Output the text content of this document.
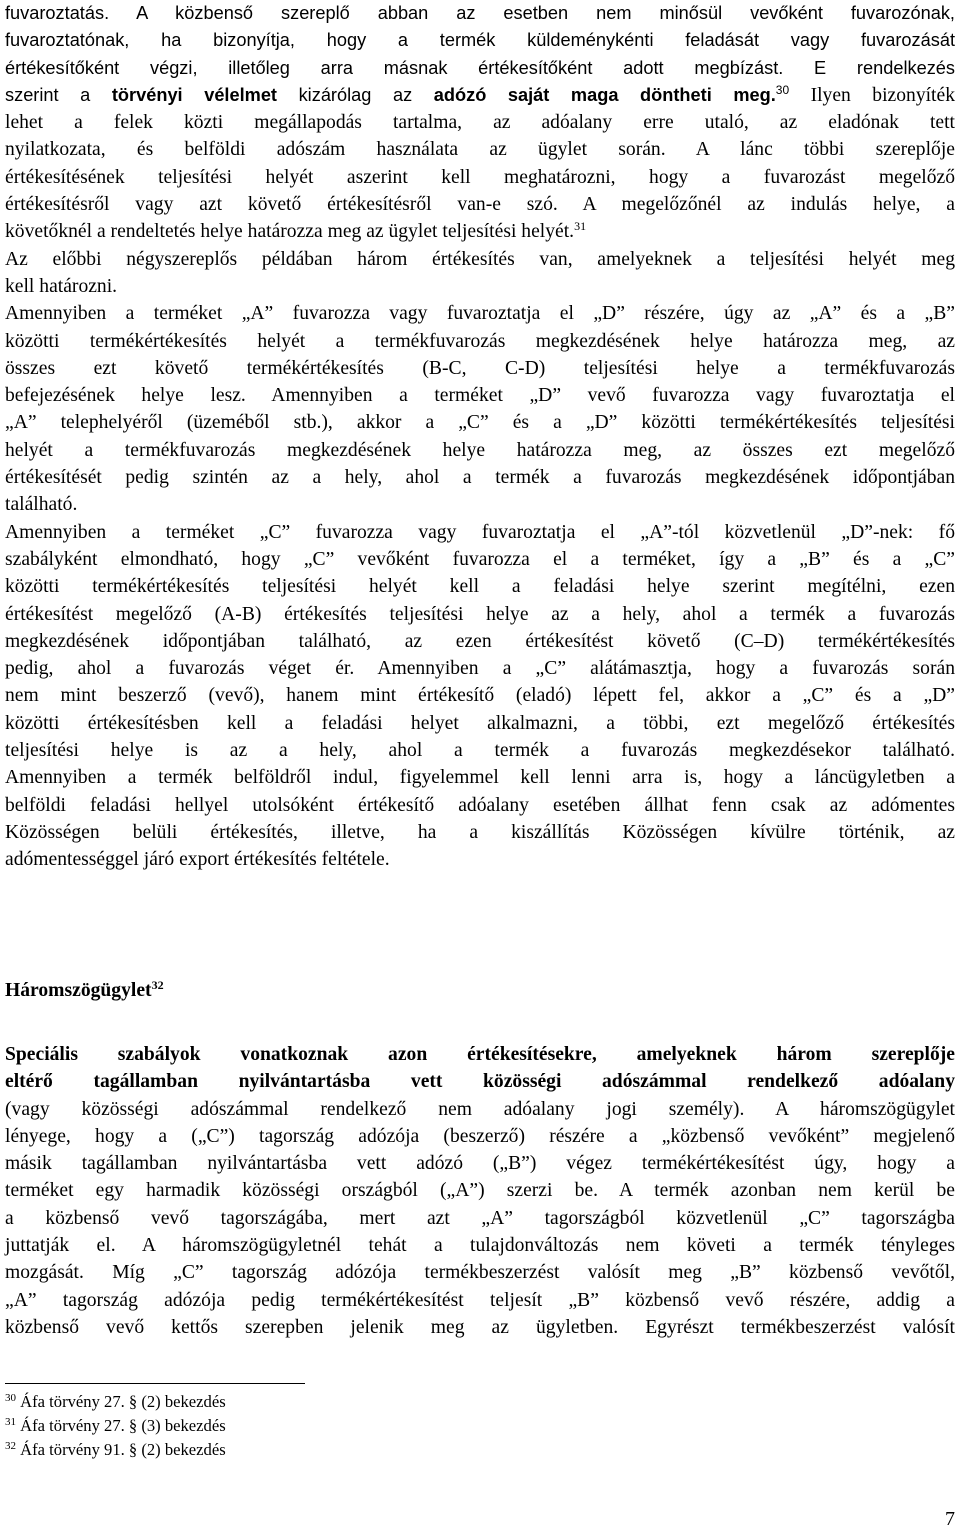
fuvaroztatás. A közbenső szereplő abban az esetben nem minősül vevőként fuvarozónak,
fuvaroztatónak, ha bizonyítja, hogy a termék küldeménykénti feladását vagy fuvarozását
értékesítőként végzi, illetőleg arra másnak értékesítőként adott megbízást. E rendelkezés
szerint a törvényi vélelmet kizárólag az adózó saját maga döntheti meg.$^{30}$ Ilyen bizonyíték
lehet a felek közti megállapodás tartalma, az adóalany erre utaló, az eladónak tett
nyilatkozata, és belföldi adószám használata az ügylet során. A lánc többi szereplője
értékesítésének teljesítési helyét aszerint kell meghatározni, hogy a fuvarozást megelőző
értékesítésről vagy azt követő értékesítésről van-e szó. A megelőzőnél az indulás helye, a
követőknél a rendeltetés helye határozza meg az ügylet teljesítési helyét.$^{31}$
Az előbbi négyszereplős példában három értékesítés van, amelyeknek a teljesítési helyét meg
kell határozni.
Amennyiben a terméket „A” fuvarozza vagy fuvaroztatja el „D” részére, úgy az „A” és a „B”
közötti termékértékesítés helyét a termékfuvarozás megkezdésének helye határozza meg, az
összes ezt követő termékértékesítés (B-C, C-D) teljesítési helye a termékfuvarozás
befejezésének helye lesz. Amennyiben a terméket „D” vevő fuvarozza vagy fuvaroztatja el
„A” telephelyéről (üzeméből stb.), akkor a „C” és a „D” közötti termékértékesítés teljesítési
helyét a termékfuvarozás megkezdésének helye határozza meg, az összes ezt megelőző
értékesítését pedig szintén az a hely, ahol a termék a fuvarozás megkezdésének időpontjában
található.
Amennyiben a terméket „C” fuvarozza vagy fuvaroztatja el „A”-tól közvetlenül „D”-nek: fő
szabályként elmondható, hogy „C” vevőként fuvarozza el a terméket, így a „B” és a „C”
közötti termékértékesítés teljesítési helyét kell a feladási helye szerint megítélni, ezen
értékesítést megelőző (A-B) értékesítés teljesítési helye az a hely, ahol a termék a fuvarozás
megkezdésének időpontjában található, az ezen értékesítést követő (C–D) termékértékesítés
pedig, ahol a fuvarozás véget ér. Amennyiben a „C” alátámasztja, hogy a fuvarozás során
nem mint beszerző (vevő), hanem mint értékesítő (eladó) lépett fel, akkor a „C” és a „D”
közötti értékesítésben kell a feladási helyet alkalmazni, a többi, ezt megelőző értékesítés
teljesítési helye is az a hely, ahol a termék a fuvarozás megkezdésekor található.
Amennyiben a termék belföldről indul, figyelemmel kell lenni arra is, hogy a láncügyletben a
belföldi feladási hellyel utolsóként értékesítő adóalany esetében állhat fenn csak az adómentes
Közösségen belüli értékesítés, illetve, ha a kiszállítás Közösségen kívülre történik, az
adómentességgel járó export értékesítés feltétele.
Háromszögügylet$^{32}$
Speciális szabályok vonatkoznak azon értékesítésekre, amelyeknek három szereplője
eltérő tagállamban nyilvántartásba vett közösségi adószámmal rendelkező adóalany
(vagy közösségi adószámmal rendelkező nem adóalany jogi személy). A háromszögügylet
lényege, hogy a („C”) tagország adózója (beszerző) részére a „közbenső vevőként” megjelenő
másik tagállamban nyilvántartásba vett adózó („B”) végez termékértékesítést úgy, hogy a
terméket egy harmadik közösségi országból („A”) szerzi be. A termék azonban nem kerül be
a közbenső vevő tagországába, mert azt „A” tagországból közvetlenül „C” tagországba
juttatják el. A háromszögügyletnél tehát a tulajdonváltozás nem követi a termék tényleges
mozgását. Míg „C” tagország adózója termékbeszerzést valósít meg „B” közbenső vevőtől,
„A” tagország adózója pedig termékértékesítést teljesít „B” közbenső vevő részére, addig a
közbenső vevő kettős szerepben jelenik meg az ügyletben. Egyrészt termékbeszerzést valósít
$^{30}$ Áfa törvény 27. § (2) bekezdés
$^{31}$ Áfa törvény 27. § (3) bekezdés
$^{32}$ Áfa törvény 91. § (2) bekezdés
7
